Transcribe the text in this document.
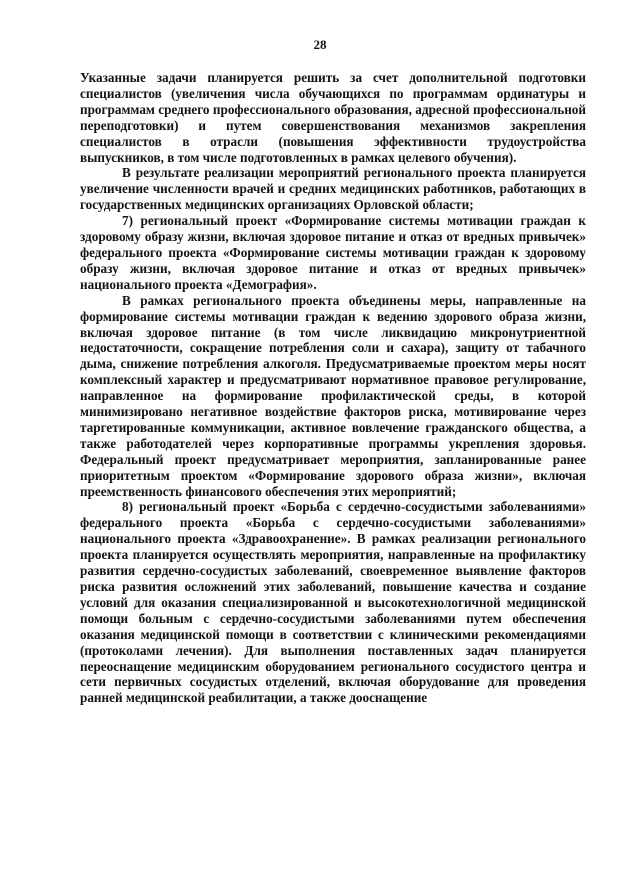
28

Указанные задачи планируется решить за счет дополнительной подготовки специалистов (увеличения числа обучающихся по программам ординатуры и программам среднего профессионального образования, адресной профессиональной переподготовки) и путем совершенствования механизмов закрепления специалистов в отрасли (повышения эффективности трудоустройства выпускников, в том числе подготовленных в рамках целевого обучения).

В результате реализации мероприятий регионального проекта планируется увеличение численности врачей и средних медицинских работников, работающих в государственных медицинских организациях Орловской области;

7) региональный проект «Формирование системы мотивации граждан к здоровому образу жизни, включая здоровое питание и отказ от вредных привычек» федерального проекта «Формирование системы мотивации граждан к здоровому образу жизни, включая здоровое питание и отказ от вредных привычек» национального проекта «Демография».

В рамках регионального проекта объединены меры, направленные на формирование системы мотивации граждан к ведению здорового образа жизни, включая здоровое питание (в том числе ликвидацию микронутриентной недостаточности, сокращение потребления соли и сахара), защиту от табачного дыма, снижение потребления алкоголя. Предусматриваемые проектом меры носят комплексный характер и предусматривают нормативное правовое регулирование, направленное на формирование профилактической среды, в которой минимизировано негативное воздействие факторов риска, мотивирование через таргетированные коммуникации, активное вовлечение гражданского общества, а также работодателей через корпоративные программы укрепления здоровья. Федеральный проект предусматривает мероприятия, запланированные ранее приоритетным проектом «Формирование здорового образа жизни», включая преемственность финансового обеспечения этих мероприятий;

8) региональный проект «Борьба с сердечно-сосудистыми заболеваниями» федерального проекта «Борьба с сердечно-сосудистыми заболеваниями» национального проекта «Здравоохранение». В рамках реализации регионального проекта планируется осуществлять мероприятия, направленные на профилактику развития сердечно-сосудистых заболеваний, своевременное выявление факторов риска развития осложнений этих заболеваний, повышение качества и создание условий для оказания специализированной и высокотехнологичной медицинской помощи больным с сердечно-сосудистыми заболеваниями путем обеспечения оказания медицинской помощи в соответствии с клиническими рекомендациями (протоколами лечения). Для выполнения поставленных задач планируется переоснащение медицинским оборудованием регионального сосудистого центра и сети первичных сосудистых отделений, включая оборудование для проведения ранней медицинской реабилитации, а также дооснащение
